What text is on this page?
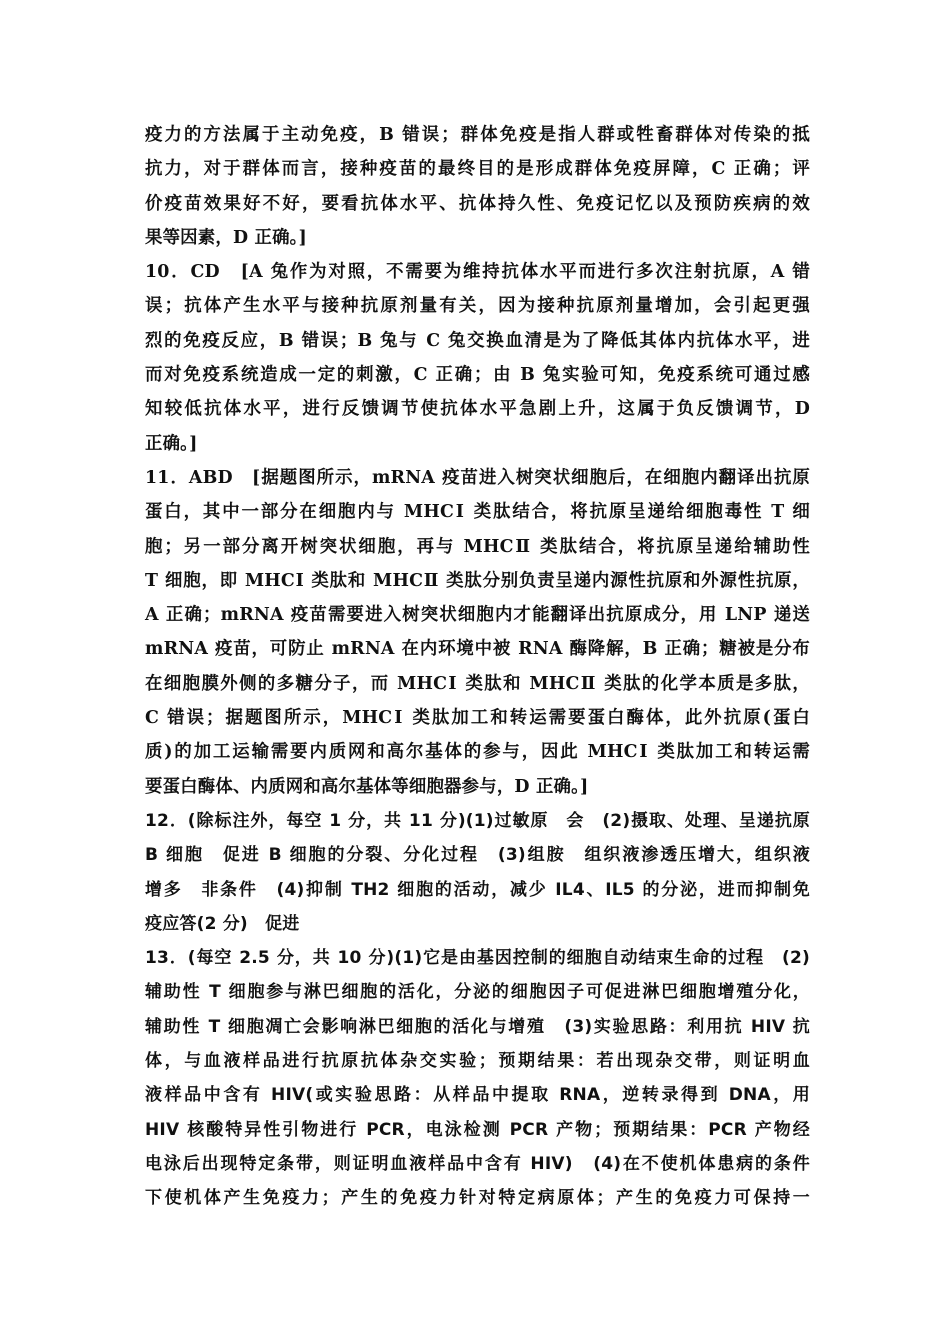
疫力的方法属于主动免疫，B 错误；群体免疫是指人群或牲畜群体对传染的抵
抗力，对于群体而言，接种疫苗的最终目的是形成群体免疫屏障，C 正确；评
价疫苗效果好不好，要看抗体水平、抗体持久性、免疫记忆以及预防疾病的效
果等因素，D 正确。]
10．CD　[A 兔作为对照，不需要为维持抗体水平而进行多次注射抗原，A 错
误；抗体产生水平与接种抗原剂量有关，因为接种抗原剂量增加，会引起更强
烈的免疫反应，B 错误；B 兔与 C 兔交换血清是为了降低其体内抗体水平，进
而对免疫系统造成一定的刺激，C 正确；由 B 兔实验可知，免疫系统可通过感
知较低抗体水平，进行反馈调节使抗体水平急剧上升，这属于负反馈调节，D
正确。]
11．ABD　[据题图所示，mRNA 疫苗进入树突状细胞后，在细胞内翻译出抗原
蛋白，其中一部分在细胞内与 MHCⅠ 类肽结合，将抗原呈递给细胞毒性 T 细
胞；另一部分离开树突状细胞，再与 MHCⅡ 类肽结合，将抗原呈递给辅助性
T 细胞，即 MHCⅠ 类肽和 MHCⅡ 类肽分别负责呈递内源性抗原和外源性抗原，
A 正确；mRNA 疫苗需要进入树突状细胞内才能翻译出抗原成分，用 LNP 递送
mRNA 疫苗，可防止 mRNA 在内环境中被 RNA 酶降解，B 正确；糖被是分布
在细胞膜外侧的多糖分子，而 MHCⅠ 类肽和 MHCⅡ 类肽的化学本质是多肽，
C 错误；据题图所示，MHCⅠ 类肽加工和转运需要蛋白酶体，此外抗原(蛋白
质)的加工运输需要内质网和高尔基体的参与，因此 MHCⅠ 类肽加工和转运需
要蛋白酶体、内质网和高尔基体等细胞器参与，D 正确。]
12．(除标注外，每空 1 分，共 11 分)(1)过敏原　会　(2)摄取、处理、呈递抗原
B 细胞　促进 B 细胞的分裂、分化过程　(3)组胺　组织液渗透压增大，组织液
增多　非条件　(4)抑制 TH2 细胞的活动，减少 IL4、IL5 的分泌，进而抑制免
疫应答(2 分)　促进
13．(每空 2.5 分，共 10 分)(1)它是由基因控制的细胞自动结束生命的过程　(2)
辅助性 T 细胞参与淋巴细胞的活化，分泌的细胞因子可促进淋巴细胞增殖分化，
辅助性 T 细胞凋亡会影响淋巴细胞的活化与增殖　(3)实验思路：利用抗 HIV 抗
体，与血液样品进行抗原抗体杂交实验；预期结果：若出现杂交带，则证明血
液样品中含有 HIV(或实验思路：从样品中提取 RNA，逆转录得到 DNA，用
HIV 核酸特异性引物进行 PCR，电泳检测 PCR 产物；预期结果：PCR 产物经
电泳后出现特定条带，则证明血液样品中含有 HIV)　(4)在不使机体患病的条件
下使机体产生免疫力；产生的免疫力针对特定病原体；产生的免疫力可保持一
